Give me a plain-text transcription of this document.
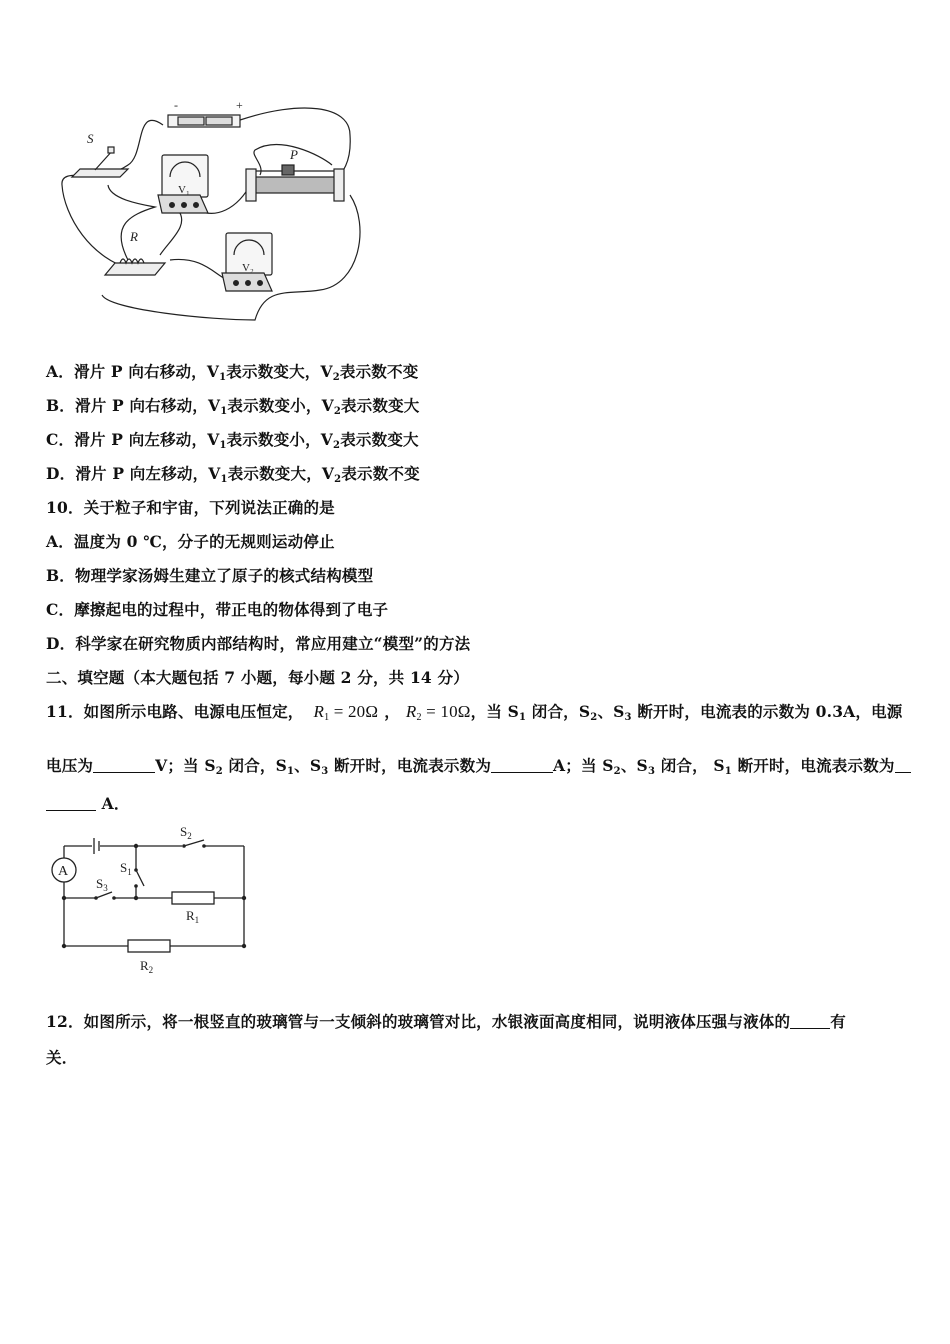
-	+
S
V₁
P
R
V₂
A．滑片 P 向右移动，$V_1$表示数变大，$V_2$表示数不变
B．滑片 P 向右移动，$V_1$表示数变小，$V_2$表示数变大
C．滑片 P 向左移动，$V_1$表示数变小，$V_2$表示数变大
D．滑片 P 向左移动，$V_1$表示数变大，$V_2$表示数不变
10．关于粒子和宇宙，下列说法正确的是
A．温度为 0 ℃，分子的无规则运动停止
B．物理学家汤姆生建立了原子的核式结构模型
C．摩擦起电的过程中，带正电的物体得到了电子
D．科学家在研究物质内部结构时，常应用建立“模型”的方法
二、填空题（本大题包括 7 小题，每小题 2 分，共 14 分）
11．如图所示电路、电源电压恒定， $R_1 = 20\Omega$ ， $R_2 = 10\Omega$，当 $S_1$ 闭合，$S_2$、$S_3$ 断开时，电流表的示数为 0.3A，电源
电压为	V；当 $S_2$ 闭合，$S_1$、$S_3$ 断开时，电流表示数为	A；当 $S_2$、$S_3$ 闭合， $S_1$ 断开时，电流表示数为
A．
A
$S_2$
$S_1$
$S_3$
$R_1$
$R_2$
12．如图所示，将一根竖直的玻璃管与一支倾斜的玻璃管对比，水银液面高度相同，说明液体压强与液体的	有
关．
